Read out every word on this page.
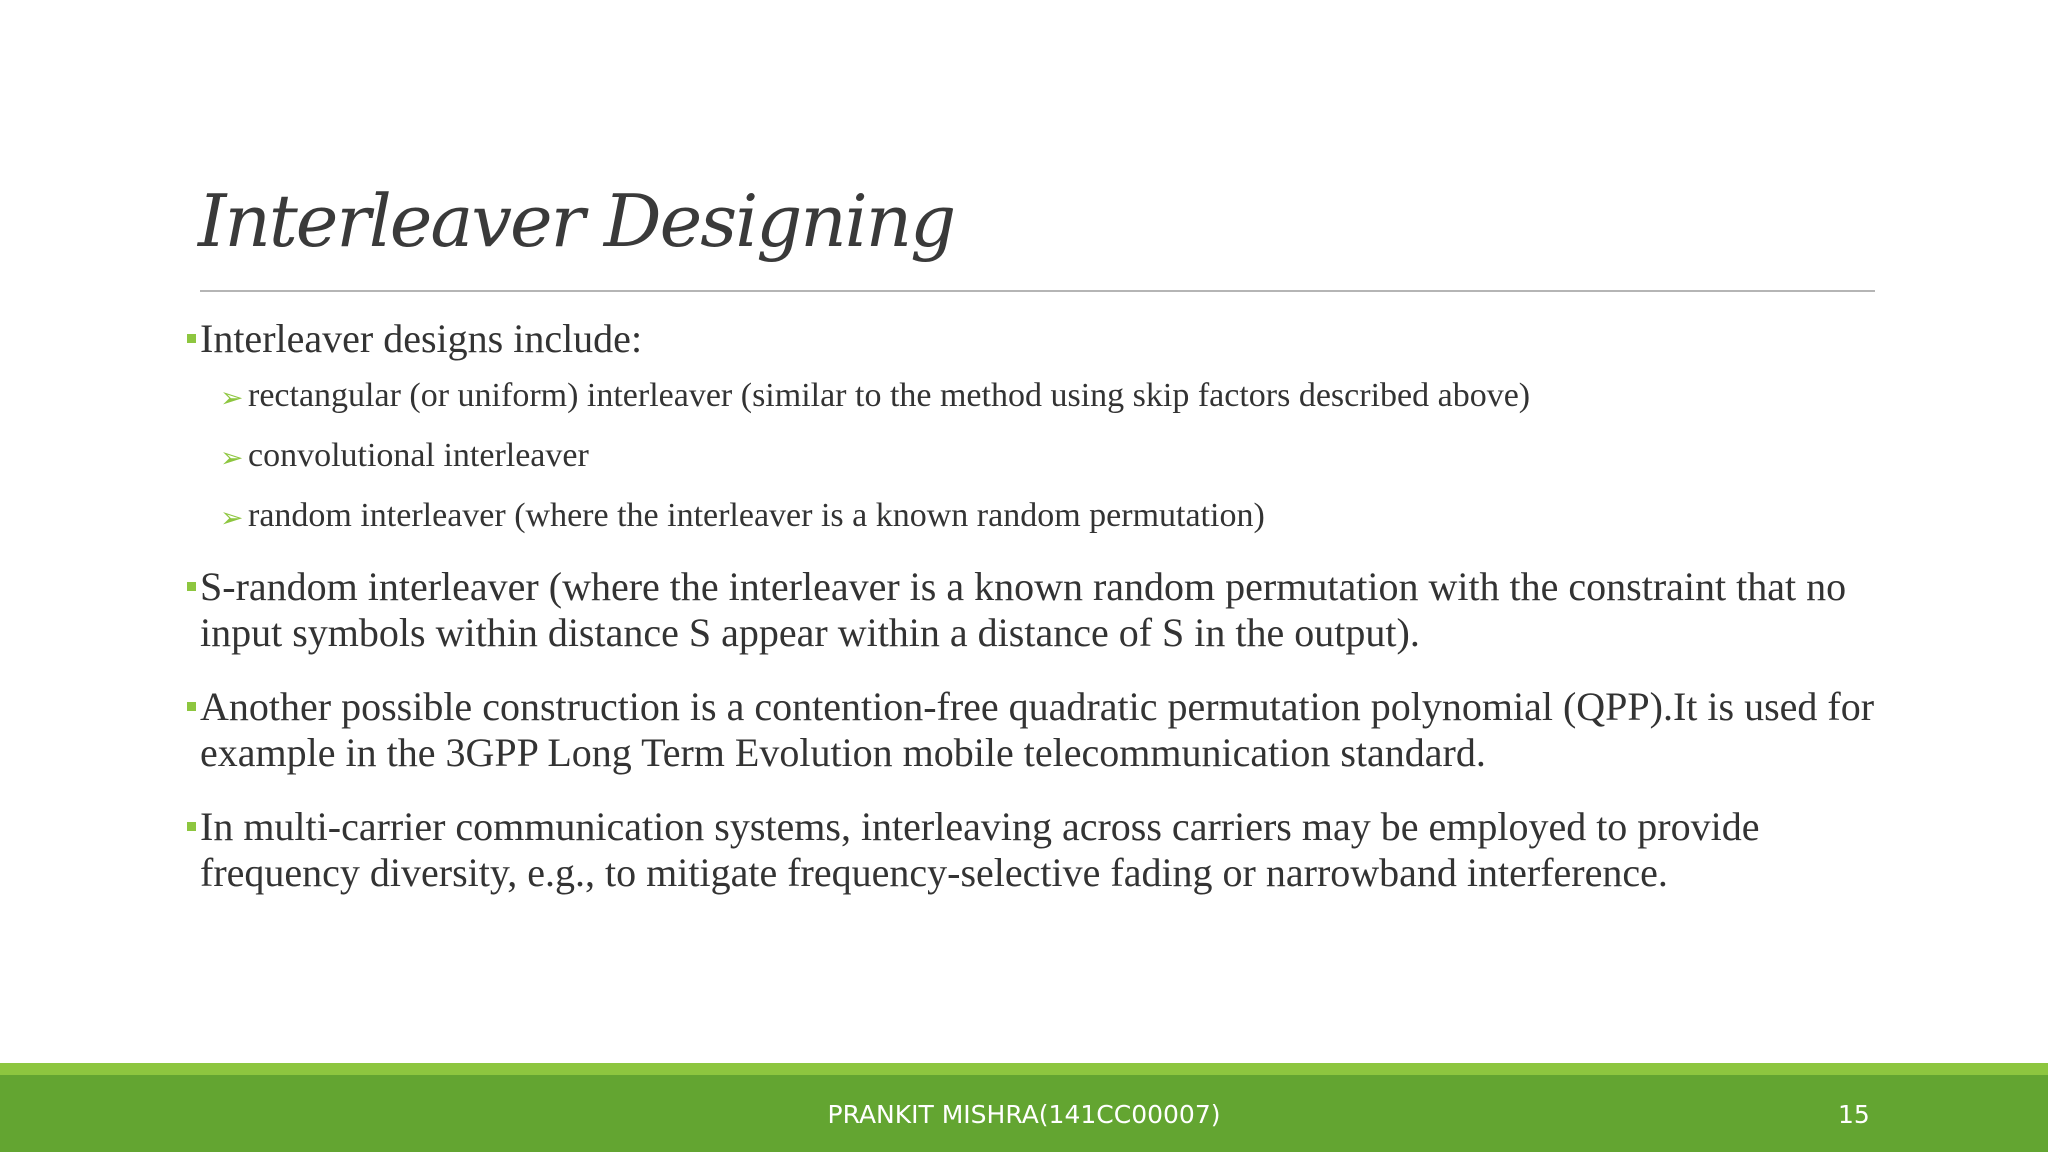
Interleaver Designing
Interleaver designs include:
➢ rectangular (or uniform) interleaver (similar to the method using skip factors described above)
➢ convolutional interleaver
➢ random interleaver (where the interleaver is a known random permutation)
S-random interleaver (where the interleaver is a known random permutation with the constraint that no input symbols within distance S appear within a distance of S in the output).
Another possible construction is a contention-free quadratic permutation polynomial (QPP).It is used for example in the 3GPP Long Term Evolution mobile telecommunication standard.
In multi-carrier communication systems, interleaving across carriers may be employed to provide frequency diversity, e.g., to mitigate frequency-selective fading or narrowband interference.
PRANKIT MISHRA(141CC00007)	15
